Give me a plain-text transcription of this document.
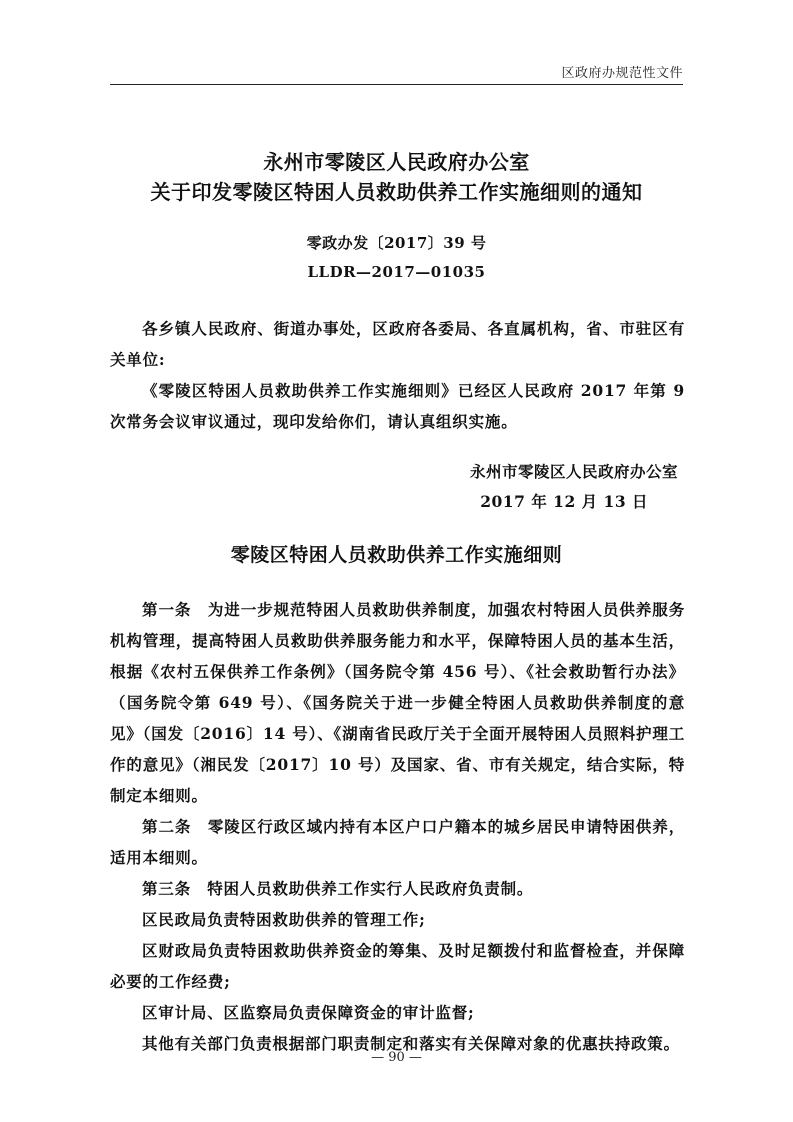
区政府办规范性文件
永州市零陵区人民政府办公室
关于印发零陵区特困人员救助供养工作实施细则的通知
零政办发〔2017〕39 号
LLDR—2017—01035
各乡镇人民政府、街道办事处，区政府各委局、各直属机构，省、市驻区有关单位:
《零陵区特困人员救助供养工作实施细则》已经区人民政府 2017 年第 9 次常务会议审议通过，现印发给你们，请认真组织实施。
永州市零陵区人民政府办公室
2017 年 12 月 13 日
零陵区特困人员救助供养工作实施细则
第一条　为进一步规范特困人员救助供养制度，加强农村特困人员供养服务机构管理，提高特困人员救助供养服务能力和水平，保障特困人员的基本生活，根据《农村五保供养工作条例》（国务院令第 456 号）、《社会救助暂行办法》（国务院令第 649 号）、《国务院关于进一步健全特困人员救助供养制度的意见》（国发〔2016〕14 号）、《湖南省民政厅关于全面开展特困人员照料护理工作的意见》（湘民发〔2017〕10 号）及国家、省、市有关规定，结合实际，特制定本细则。
第二条　零陵区行政区域内持有本区户口户籍本的城乡居民申请特困供养，适用本细则。
第三条　特困人员救助供养工作实行人民政府负责制。
区民政局负责特困救助供养的管理工作;
区财政局负责特困救助供养资金的筹集、及时足额拨付和监督检查，并保障必要的工作经费;
区审计局、区监察局负责保障资金的审计监督;
其他有关部门负责根据部门职责制定和落实有关保障对象的优惠扶持政策。
— 90 —
